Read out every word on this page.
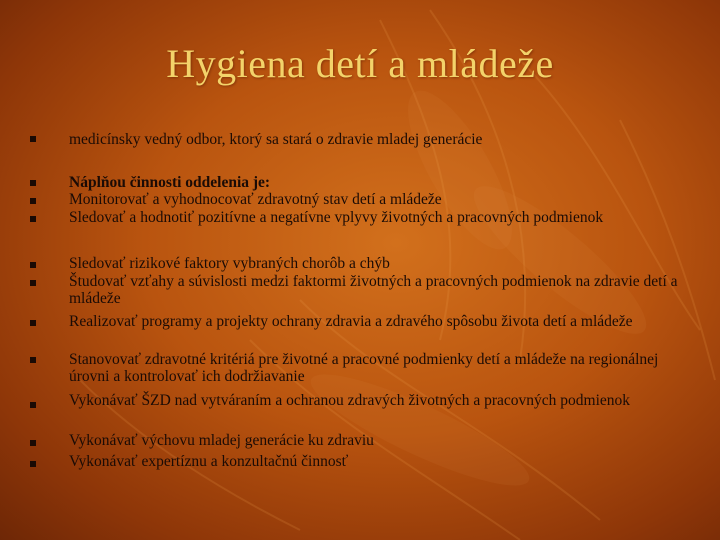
Hygiena detí a mládeže
medicínsky vedný odbor, ktorý sa stará o zdravie mladej generácie
Náplňou činnosti oddelenia je:
Monitorovať a vyhodnocovať zdravotný stav detí a mládeže
Sledovať a hodnotiť pozitívne a negatívne vplyvy životných a pracovných podmienok
Sledovať rizikové faktory vybraných chorôb a chýb
Študovať vzťahy a súvislosti medzi faktormi životných a pracovných podmienok na zdravie detí a mládeže
Realizovať programy a projekty ochrany zdravia a zdravého spôsobu života detí a mládeže
Stanovovať zdravotné kritériá pre životné a pracovné podmienky detí a mládeže na regionálnej úrovni a kontrolovať ich dodržiavanie
Vykonávať ŠZD nad vytváraním a ochranou zdravých životných a pracovných podmienok
Vykonávať výchovu mladej generácie ku zdraviu
Vykonávať expertíznu a konzultačnú činnosť
